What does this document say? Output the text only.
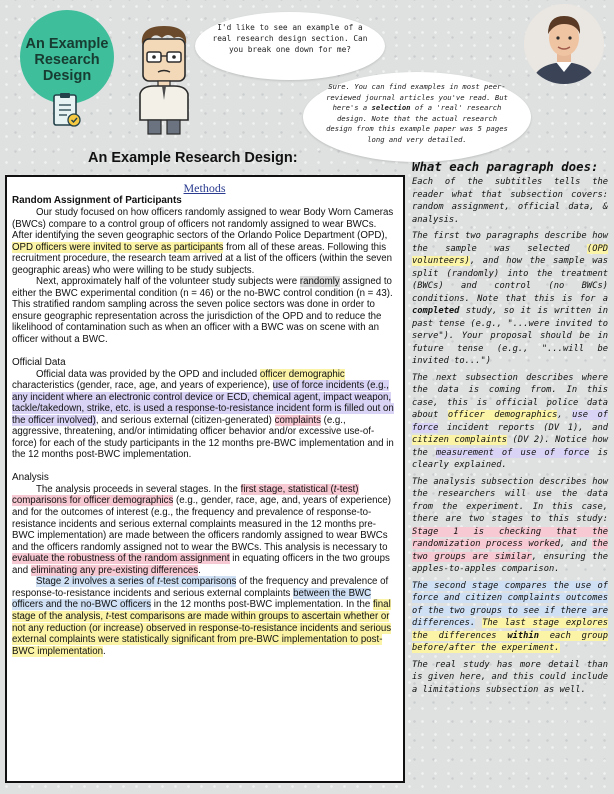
An Example
Research
Design
I'd like to see an example of a real research design section. Can you break one down for me?
Sure. You can find examples in most peer-reviewed journal articles you've read. But here's a selection of a 'real' research design. Note that the actual research design from this example paper was 5 pages long and very detailed.
An Example Research Design:
Methods
Random Assignment of Participants

Our study focused on how officers randomly assigned to wear Body Worn Cameras (BWCs) compare to a control group of officers not randomly assigned to wear BWCs. After identifying the seven geographic sectors of the Orlando Police Department (OPD), OPD officers were invited to serve as participants from all of these areas. Following this recruitment procedure, the research team arrived at a list of the officers (within the seven geographic areas) who were willing to be study subjects.

Next, approximately half of the volunteer study subjects were randomly assigned to either the BWC experimental condition (n = 46) or the no-BWC control condition (n = 43). This stratified random sampling across the seven police sectors was done in order to ensure geographic representation across the jurisdiction of the OPD and to reduce the likelihood of contamination such as when an officer with a BWC was on scene with an officer without a BWC.

Official Data

Official data was provided by the OPD and included officer demographic characteristics (gender, race, age, and years of experience), use of force incidents (e.g., any incident where an electronic control device or ECD, chemical agent, impact weapon, tackle/takedown, strike, etc. is used a response-to-resistance incident form is filled out on the officer involved), and serious external (citizen-generated) complaints (e.g., aggressive, threatening, and/or intimidating officer behavior and/or excessive use-of-force) for each of the study participants in the 12 months pre-BWC implementation and in the 12 months post-BWC implementation.

Analysis

The analysis proceeds in several stages. In the first stage, statistical (t-test) comparisons for officer demographics (e.g., gender, race, age, and, years of experience) and for the outcomes of interest (e.g., the frequency and prevalence of response-to-resistance incidents and serious external complaints measured in the 12 months pre-BWC implementation) are made between the officers randomly assigned to wear BWCs and the officers randomly assigned not to wear the BWCs. This analysis is necessary to evaluate the robustness of the random assignment in equating officers in the two groups and eliminating any pre-existing differences.

Stage 2 involves a series of t-test comparisons of the frequency and prevalence of response-to-resistance incidents and serious external complaints between the BWC officers and the no-BWC officers in the 12 months post-BWC implementation. In the final stage of the analysis, t-test comparisons are made within groups to ascertain whether or not any reduction (or increase) observed in response-to-resistance incidents and serious external complaints were statistically significant from pre-BWC implementation to post-BWC implementation.

What each paragraph does:

Each of the subtitles tells the reader what that subsection covers: random assignment, official data, & analysis.

The first two paragraphs describe how the sample was selected (OPD volunteers), and how the sample was split (randomly) into the treatment (BWCs) and control (no BWCs) conditions. Note that this is for a completed study, so it is written in past tense (e.g., "...were invited to serve"). Your proposal should be in future tense (e.g., "...will be invited to...")

The next subsection describes where the data is coming from. In this case, this is official police data about officer demographics, use of force incident reports (DV 1), and citizen complaints (DV 2). Notice how the measurement of use of force is clearly explained.

The analysis subsection describes how the researchers will use the data from the experiment. In this case, there are two stages to this study: Stage 1 is checking that the randomization process worked, and the two groups are similar, ensuring the apples-to-apples comparison.

The second stage compares the use of force and citizen complaints outcomes of the two groups to see if there are differences. The last stage explores the differences within each group before/after the experiment.

The real study has more detail than is given here, and this could include a limitations subsection as well.
